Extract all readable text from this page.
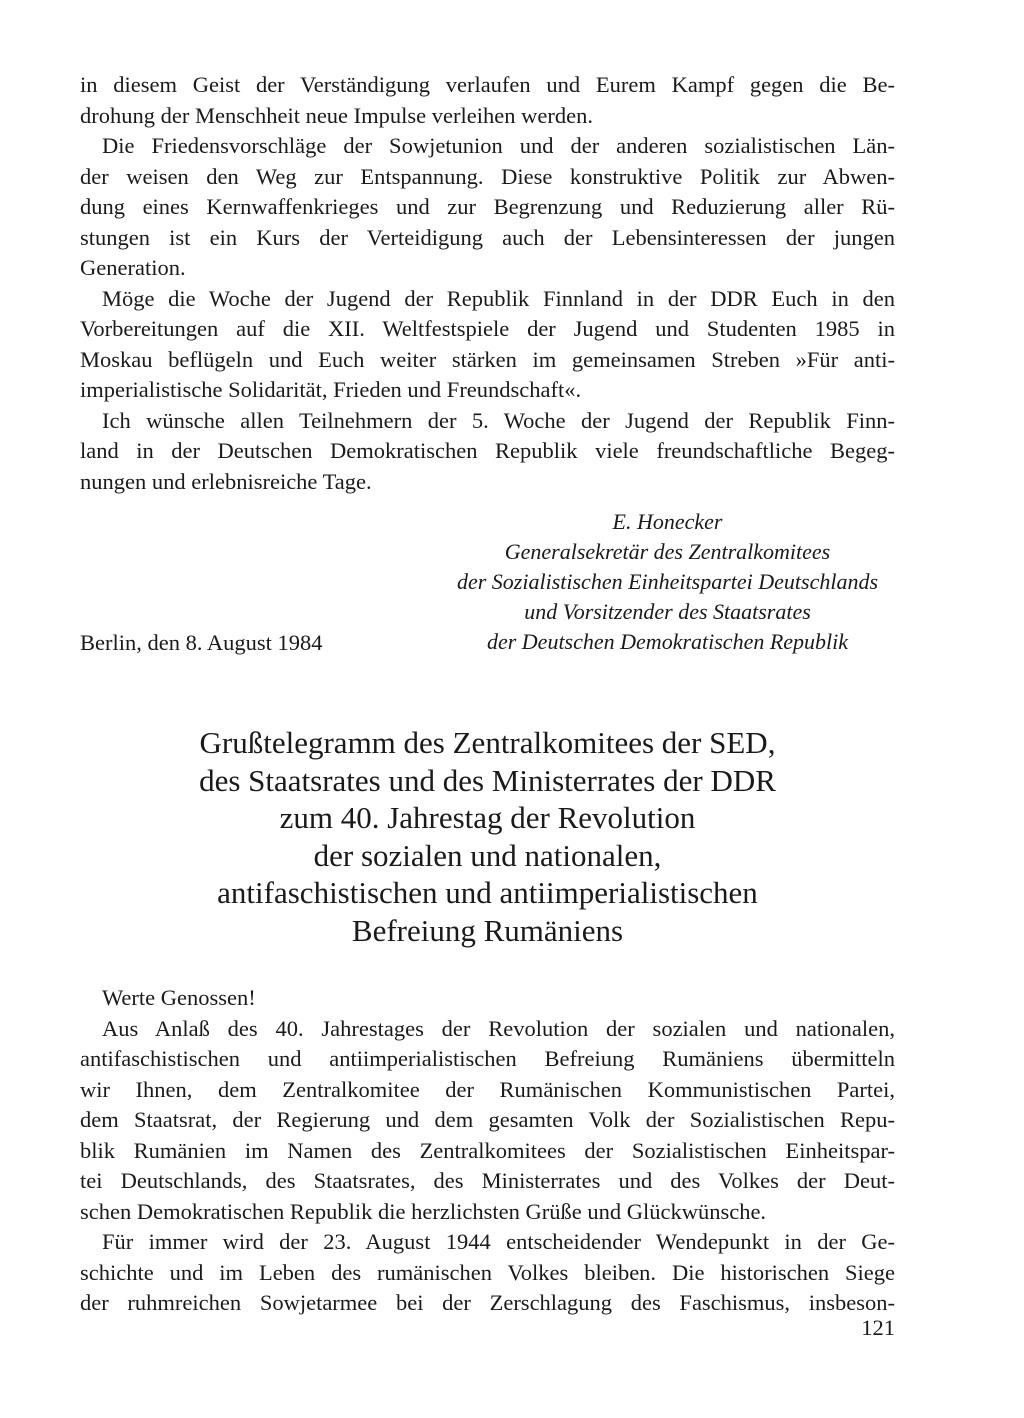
in diesem Geist der Verständigung verlaufen und Eurem Kampf gegen die Be-

drohung der Menschheit neue Impulse verleihen werden.

Die Friedensvorschläge der Sowjetunion und der anderen sozialistischen Län-

der weisen den Weg zur Entspannung. Diese konstruktive Politik zur Abwen-

dung eines Kernwaffenkrieges und zur Begrenzung und Reduzierung aller Rü-

stungen ist ein Kurs der Verteidigung auch der Lebensinteressen der jungen

Generation.

Möge die Woche der Jugend der Republik Finnland in der DDR Euch in den

Vorbereitungen auf die XII. Weltfestspiele der Jugend und Studenten 1985 in

Moskau beflügeln und Euch weiter stärken im gemeinsamen Streben »Für anti-

imperialistische Solidarität, Frieden und Freundschaft«.

Ich wünsche allen Teilnehmern der 5. Woche der Jugend der Republik Finn-

land in der Deutschen Demokratischen Republik viele freundschaftliche Begeg-

nungen und erlebnisreiche Tage.

E. Honecker

Generalsekretär des Zentralkomitees

der Sozialistischen Einheitspartei Deutschlands

und Vorsitzender des Staatsrates

der Deutschen Demokratischen Republik

Berlin, den 8. August 1984

Grußtelegramm des Zentralkomitees der SED,
des Staatsrates und des Ministerrates der DDR
zum 40. Jahrestag der Revolution
der sozialen und nationalen,
antifaschistischen und antiimperialistischen
Befreiung Rumäniens

Werte Genossen!

Aus Anlaß des 40. Jahrestages der Revolution der sozialen und nationalen,

antifaschistischen und antiimperialistischen Befreiung Rumäniens übermitteln

wir Ihnen, dem Zentralkomitee der Rumänischen Kommunistischen Partei,

dem Staatsrat, der Regierung und dem gesamten Volk der Sozialistischen Repu-

blik Rumänien im Namen des Zentralkomitees der Sozialistischen Einheitspar-

tei Deutschlands, des Staatsrates, des Ministerrates und des Volkes der Deut-

schen Demokratischen Republik die herzlichsten Grüße und Glückwünsche.

Für immer wird der 23. August 1944 entscheidender Wendepunkt in der Ge-

schichte und im Leben des rumänischen Volkes bleiben. Die historischen Siege

der ruhmreichen Sowjetarmee bei der Zerschlagung des Faschismus, insbeson-

121
